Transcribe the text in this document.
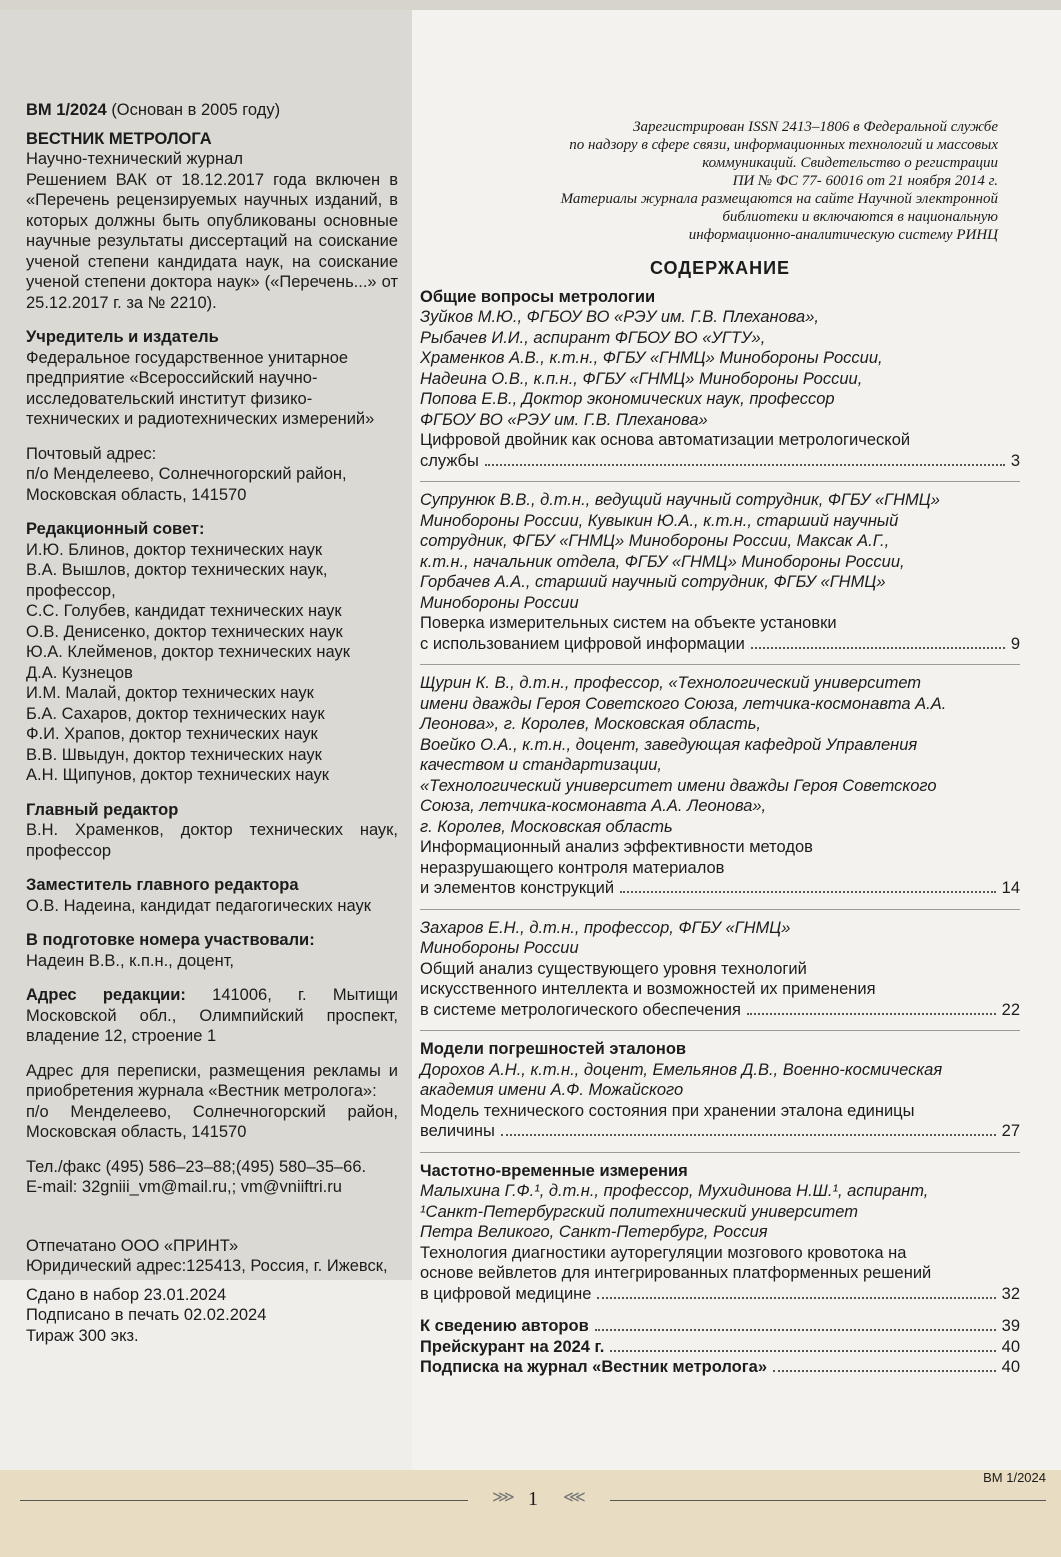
ВМ 1/2024 (Основан в 2005 году)
ВЕСТНИК МЕТРОЛОГА
Научно-технический журнал
Решением ВАК от 18.12.2017 года включен в «Перечень рецензируемых научных изданий, в которых должны быть опубликованы основные научные результаты диссертаций на соискание ученой степени кандидата наук, на соискание ученой степени доктора наук» («Перечень...» от 25.12.2017 г. за № 2210).
Учредитель и издатель
Федеральное государственное унитарное предприятие «Всероссийский научно-исследовательский институт физико-технических и радиотехнических измерений»
Почтовый адрес:
п/о Менделеево, Солнечногорский район, Московская область, 141570
Редакционный совет:
И.Ю. Блинов, доктор технических наук
В.А. Вышлов, доктор технических наук, профессор,
С.С. Голубев, кандидат технических наук
О.В. Денисенко, доктор технических наук
Ю.А. Клейменов, доктор технических наук
Д.А. Кузнецов
И.М. Малай, доктор технических наук
Б.А. Сахаров, доктор технических наук
Ф.И. Храпов, доктор технических наук
В.В. Швыдун, доктор технических наук
А.Н. Щипунов, доктор технических наук
Главный редактор
В.Н. Храменков, доктор технических наук, профессор
Заместитель главного редактора
О.В. Надеина, кандидат педагогических наук
В подготовке номера участвовали:
Надеин В.В., к.п.н., доцент,
Адрес редакции: 141006, г. Мытищи Московской обл., Олимпийский проспект, владение 12, строение 1
Адрес для переписки, размещения рекламы и приобретения журнала «Вестник метролога»:
п/о Менделеево, Солнечногорский район, Московская область, 141570
Тел./факс (495) 586–23–88;(495) 580–35–66.
E-mail: 32gniii_vm@mail.ru,; vm@vniiftri.ru
Отпечатано ООО «ПРИНТ»
Юридический адрес:125413, Россия, г. Ижевск,
Сдано в набор 23.01.2024
Подписано в печать 02.02.2024
Тираж 300 экз.
Зарегистрирован ISSN 2413–1806 в Федеральной службе
по надзору в сфере связи, информационных технологий и массовых
коммуникаций. Свидетельство о регистрации
ПИ № ФС 77- 60016 от 21 ноября 2014 г.
Материалы журнала размещаются на сайте Научной электронной
библиотеки и включаются в национальную
информационно-аналитическую систему РИНЦ
СОДЕРЖАНИЕ
Общие вопросы метрологии
Зуйков М.Ю., ФГБОУ ВО «РЭУ им. Г.В. Плеханова»,
Рыбачев И.И., аспирант ФГБОУ ВО «УГТУ»,
Храменков А.В., к.т.н., ФГБУ «ГНМЦ» Минобороны России,
Надеина О.В., к.п.н., ФГБУ «ГНМЦ» Минобороны России,
Попова Е.В., Доктор экономических наук, профессор
ФГБОУ ВО «РЭУ им. Г.В. Плеханова»
Цифровой двойник как основа автоматизации метрологической
службы	3
Супрунюк В.В., д.т.н., ведущий научный сотрудник, ФГБУ «ГНМЦ»
Минобороны России, Кувыкин Ю.А., к.т.н., старший научный
сотрудник, ФГБУ «ГНМЦ» Минобороны России, Максак А.Г.,
к.т.н., начальник отдела, ФГБУ «ГНМЦ» Минобороны России,
Горбачев А.А., старший научный сотрудник, ФГБУ «ГНМЦ»
Минобороны России
Поверка измерительных систем на объекте установки
с использованием цифровой информации	9
Щурин К. В., д.т.н., профессор, «Технологический университет
имени дважды Героя Советского Союза, летчика-космонавта А.А.
Леонова», г. Королев, Московская область,
Воейко О.А., к.т.н., доцент, заведующая кафедрой Управления
качеством и стандартизации,
«Технологический университет имени дважды Героя Советского
Союза, летчика-космонавта А.А. Леонова»,
г. Королев, Московская область
Информационный анализ эффективности методов
неразрушающего контроля материалов
и элементов конструкций	14
Захаров Е.Н., д.т.н., профессор, ФГБУ «ГНМЦ»
Минобороны России
Общий анализ существующего уровня технологий
искусственного интеллекта и возможностей их применения
в системе метрологического обеспечения	22
Модели погрешностей эталонов
Дорохов А.Н., к.т.н., доцент, Емельянов Д.В., Военно-космическая
академия имени А.Ф. Можайского
Модель технического состояния при хранении эталона единицы
величины	27
Частотно-временные измерения
Малыхина Г.Ф.¹, д.т.н., профессор, Мухидинова Н.Ш.¹, аспирант,
¹Санкт-Петербургский политехнический университет
Петра Великого, Санкт-Петербург, Россия
Технология диагностики ауторегуляции мозгового кровотока на
основе вейвлетов для интегрированных платформенных решений
в цифровой медицине	32
К сведению авторов	39
Прейскурант на 2024 г.	40
Подписка на журнал «Вестник метролога»	40
ВМ 1/2024
⋙ 1 ⋘
